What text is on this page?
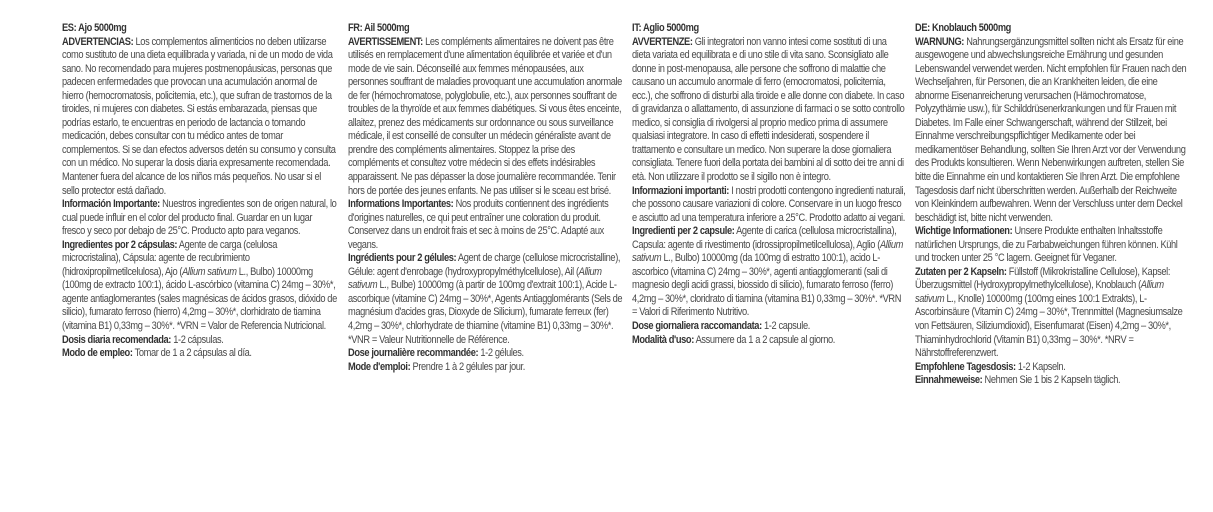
ES: Ajo 5000mg

ADVERTENCIAS: Los complementos alimenticios no deben utilizarse como sustituto de una dieta equilibrada y variada, ni de un modo de vida sano. No recomendado para mujeres postmenopáusicas, personas que padecen enfermedades que provocan una acumulación anormal de hierro (hemocromatosis, policitemia, etc.), que sufran de trastornos de la tiroides, ni mujeres con diabetes. Si estás embarazada, piensas que podrías estarlo, te encuentras en periodo de lactancia o tomando medicación, debes consultar con tu médico antes de tomar complementos. Si se dan efectos adversos detén su consumo y consulta con un médico. No superar la dosis diaria expresamente recomendada. Mantener fuera del alcance de los niños más pequeños. No usar si el sello protector está dañado.

Información Importante: Nuestros ingredientes son de origen natural, lo cual puede influir en el color del producto final. Guardar en un lugar fresco y seco por debajo de 25°C. Producto apto para veganos.

Ingredientes por 2 cápsulas: Agente de carga (celulosa microcristalina), Cápsula: agente de recubrimiento (hidroxipropilmetilcelulosa), Ajo (Allium sativum L., Bulbo) 10000mg (100mg de extracto 100:1), ácido L-ascórbico (vitamina C) 24mg – 30%*, agente antiaglomerantes (sales magnésicas de ácidos grasos, dióxido de silicio), fumarato ferroso (hierro) 4,2mg – 30%*, clorhidrato de tiamina (vitamina B1) 0,33mg – 30%*. *VRN = Valor de Referencia Nutricional.

Dosis diaria recomendada: 1-2 cápsulas.

Modo de empleo: Tomar de 1 a 2 cápsulas al día.

FR: Ail 5000mg

AVERTISSEMENT: Les compléments alimentaires ne doivent pas être utilisés en remplacement d'une alimentation équilibrée et variée et d'un mode de vie sain. Déconseillé aux femmes ménopausées, aux personnes souffrant de maladies provoquant une accumulation anormale de fer (hémochromatose, polyglobulie, etc.), aux personnes souffrant de troubles de la thyroïde et aux femmes diabétiques. Si vous êtes enceinte, allaitez, prenez des médicaments sur ordonnance ou sous surveillance médicale, il est conseillé de consulter un médecin généraliste avant de prendre des compléments alimentaires. Stoppez la prise des compléments et consultez votre médecin si des effets indésirables apparaissent. Ne pas dépasser la dose journalière recommandée. Tenir hors de portée des jeunes enfants. Ne pas utiliser si le sceau est brisé.

Informations Importantes: Nos produits contiennent des ingrédients d'origines naturelles, ce qui peut entraîner une coloration du produit. Conservez dans un endroit frais et sec à moins de 25°C. Adapté aux vegans.

Ingrédients pour 2 gélules: Agent de charge (cellulose microcristalline), Gélule: agent d'enrobage (hydroxypropylméthylcellulose), Ail (Allium sativum L., Bulbe) 10000mg (à partir de 100mg d'extrait 100:1), Acide L-ascorbique (vitamine C) 24mg – 30%*, Agents Antiagglomérants (Sels de magnésium d'acides gras, Dioxyde de Silicium), fumarate ferreux (fer) 4,2mg – 30%*, chlorhydrate de thiamine (vitamine B1) 0,33mg – 30%*. *VNR = Valeur Nutritionnelle de Référence.

Dose journalière recommandée: 1-2 gélules.

Mode d'emploi: Prendre 1 à 2 gélules par jour.

IT: Aglio 5000mg

AVVERTENZE: Gli integratori non vanno intesi come sostituti di una dieta variata ed equilibrata e di uno stile di vita sano. Sconsigliato alle donne in post-menopausa, alle persone che soffrono di malattie che causano un accumulo anormale di ferro (emocromatosi, policitemia, ecc.), che soffrono di disturbi alla tiroide e alle donne con diabete. In caso di gravidanza o allattamento, di assunzione di farmaci o se sotto controllo medico, si consiglia di rivolgersi al proprio medico prima di assumere qualsiasi integratore. In caso di effetti indesiderati, sospendere il trattamento e consultare un medico. Non superare la dose giornaliera consigliata. Tenere fuori della portata dei bambini al di sotto dei tre anni di età. Non utilizzare il prodotto se il sigillo non è integro.

Informazioni importanti: I nostri prodotti contengono ingredienti naturali, che possono causare variazioni di colore. Conservare in un luogo fresco e asciutto ad una temperatura inferiore a 25°C. Prodotto adatto ai vegani.

Ingredienti per 2 capsule: Agente di carica (cellulosa microcristallina), Capsula: agente di rivestimento (idrossipropilmetilcellulosa), Aglio (Allium sativum L., Bulbo) 10000mg (da 100mg di estratto 100:1), acido L-ascorbico (vitamina C) 24mg – 30%*, agenti antiagglomeranti (sali di magnesio degli acidi grassi, biossido di silicio), fumarato ferroso (ferro) 4,2mg – 30%*, cloridrato di tiamina (vitamina B1) 0,33mg – 30%*. *VRN = Valori di Riferimento Nutritivo.

Dose giornaliera raccomandata: 1-2 capsule.

Modalità d'uso: Assumere da 1 a 2 capsule al giorno.

DE: Knoblauch 5000mg

WARNUNG: Nahrungsergänzungsmittel sollten nicht als Ersatz für eine ausgewogene und abwechslungsreiche Ernährung und gesunden Lebenswandel verwendet werden. Nicht empfohlen für Frauen nach den Wechseljahren, für Personen, die an Krankheiten leiden, die eine abnorme Eisenanreicherung verursachen (Hämochromatose, Polyzythämie usw.), für Schilddrüsenerkrankungen und für Frauen mit Diabetes. Im Falle einer Schwangerschaft, während der Stillzeit, bei Einnahme verschreibungspflichtiger Medikamente oder bei medikamentöser Behandlung, sollten Sie Ihren Arzt vor der Verwendung des Produkts konsultieren. Wenn Nebenwirkungen auftreten, stellen Sie bitte die Einnahme ein und kontaktieren Sie Ihren Arzt. Die empfohlene Tagesdosis darf nicht überschritten werden. Außerhalb der Reichweite von Kleinkindern aufbewahren. Wenn der Verschluss unter dem Deckel beschädigt ist, bitte nicht verwenden.

Wichtige Informationen: Unsere Produkte enthalten Inhaltsstoffe natürlichen Ursprungs, die zu Farbabweichungen führen können. Kühl und trocken unter 25 °C lagern. Geeignet für Veganer.

Zutaten per 2 Kapseln: Füllstoff (Mikrokristalline Cellulose), Kapsel: Überzugsmittel (Hydroxypropylmethylcellulose), Knoblauch (Allium sativum L., Knolle) 10000mg (100mg eines 100:1 Extrakts), L-Ascorbinsäure (Vitamin C) 24mg – 30%*, Trennmittel (Magnesiumsalze von Fettsäuren, Siliziumdioxid), Eisenfumarat (Eisen) 4,2mg – 30%*, Thiaminhydrochlorid (Vitamin B1) 0,33mg – 30%*. *NRV = Nährstoffreferenzwert.

Empfohlene Tagesdosis: 1-2 Kapseln.

Einnahmeweise: Nehmen Sie 1 bis 2 Kapseln täglich.
